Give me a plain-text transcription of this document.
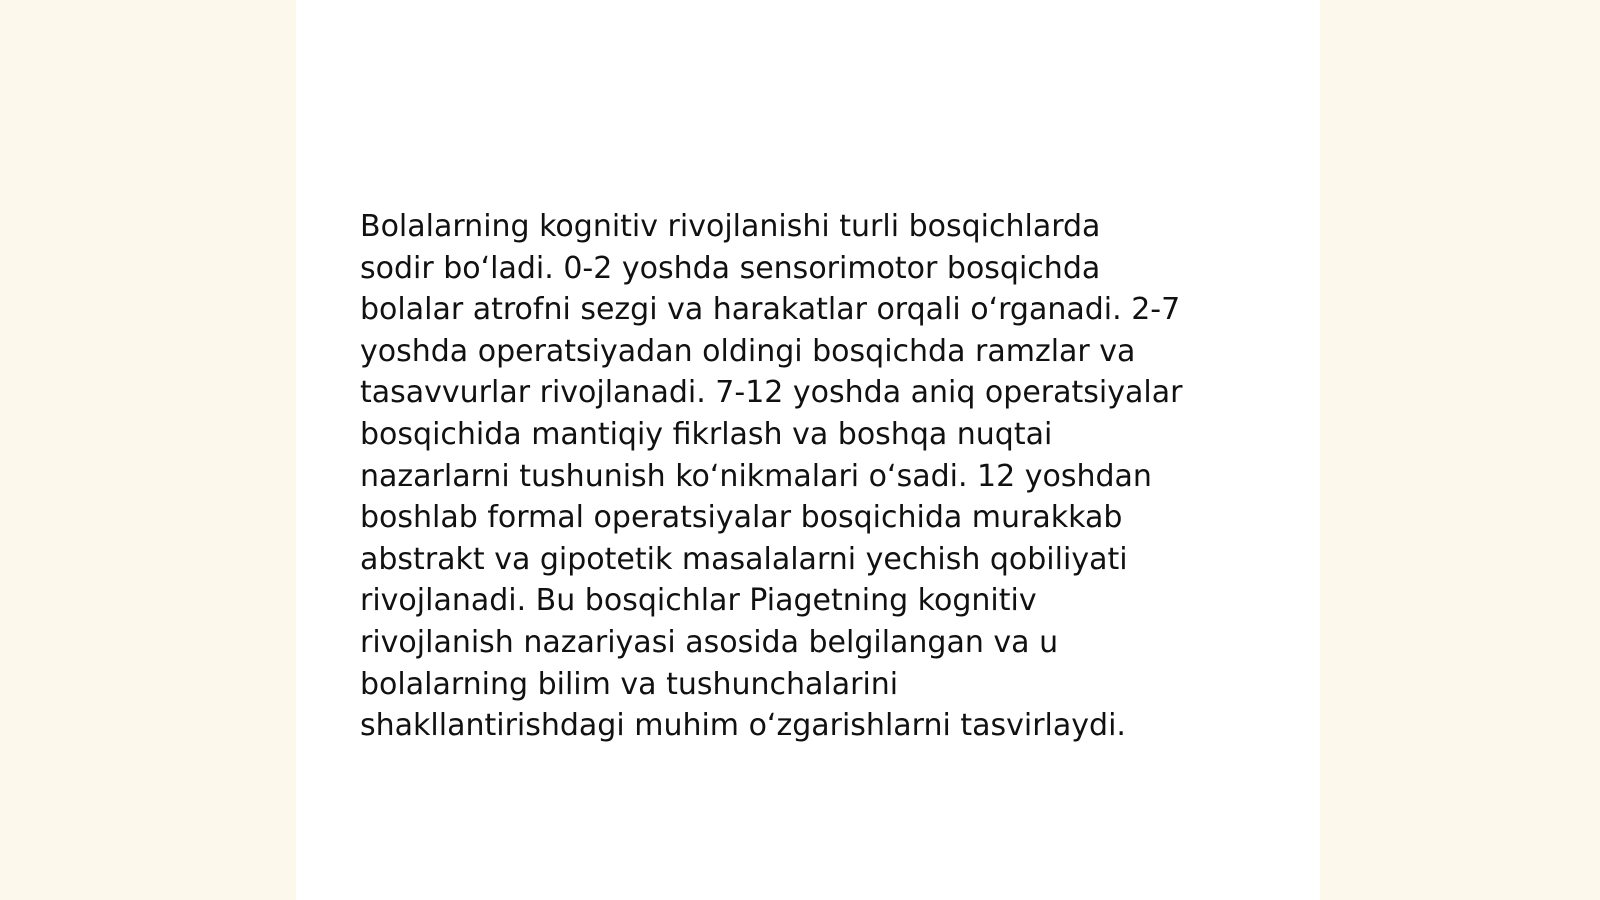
Bolalarning kognitiv rivojlanishi turli bosqichlarda
sodir boʻladi. 0-2 yoshda sensorimotor bosqichda
bolalar atrofni sezgi va harakatlar orqali oʻrganadi. 2-7
yoshda operatsiyadan oldingi bosqichda ramzlar va
tasavvurlar rivojlanadi. 7-12 yoshda aniq operatsiyalar
bosqichida mantiqiy fikrlash va boshqa nuqtai
nazarlarni tushunish koʻnikmalari oʻsadi. 12 yoshdan
boshlab formal operatsiyalar bosqichida murakkab
abstrakt va gipotetik masalalarni yechish qobiliyati
rivojlanadi. Bu bosqichlar Piagetning kognitiv
rivojlanish nazariyasi asosida belgilangan va u
bolalarning bilim va tushunchalarini
shakllantirishdagi muhim oʻzgarishlarni tasvirlaydi.
